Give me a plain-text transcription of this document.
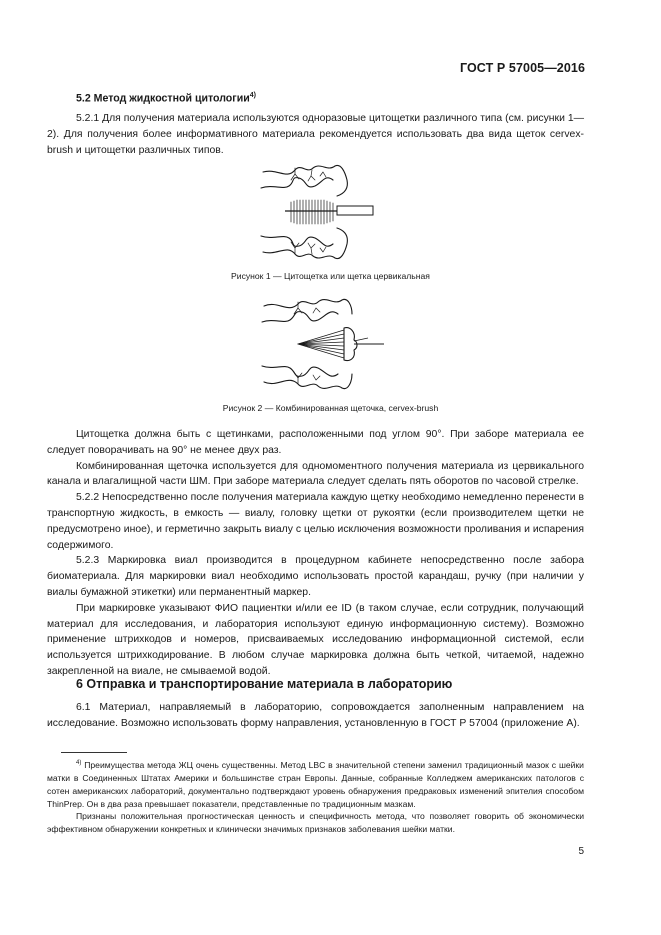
ГОСТ Р 57005—2016
5.2 Метод жидкостной цитологии$^{4)}$

5.2.1 Для получения материала используются одноразовые цитощетки различного типа (см. рисунки 1—2). Для получения более информативного материала рекомендуется использовать два вида щеток cervex-brush и цитощетки различных типов.

Рисунок 1 — Цитощетка или щетка цервикальная
Рисунок 2 — Комбинированная щеточка, cervex-brush

Цитощетка должна быть с щетинками, расположенными под углом 90°. При заборе материала ее следует поворачивать на 90° не менее двух раз.

Комбинированная щеточка используется для одномоментного получения материала из цервикального канала и влагалищной части ШМ. При заборе материала следует сделать пять оборотов по часовой стрелке.

5.2.2 Непосредственно после получения материала каждую щетку необходимо немедленно перенести в транспортную жидкость, в емкость — виалу, головку щетки от рукоятки (если производителем щетки не предусмотрено иное), и герметично закрыть виалу с целью исключения возможности проливания и испарения содержимого.

5.2.3 Маркировка виал производится в процедурном кабинете непосредственно после забора биоматериала. Для маркировки виал необходимо использовать простой карандаш, ручку (при наличии у виалы бумажной этикетки) или перманентный маркер.

При маркировке указывают ФИО пациентки и/или ее ID (в таком случае, если сотрудник, получающий материал для исследования, и лаборатория используют единую информационную систему). Возможно применение штрихкодов и номеров, присваиваемых исследованию информационной системой, если используется штрихкодирование. В любом случае маркировка должна быть четкой, читаемой, надежно закрепленной на виале, не смываемой водой.

6 Отправка и транспортирование материала в лабораторию

6.1 Материал, направляемый в лабораторию, сопровождается заполненным направлением на исследование. Возможно использовать форму направления, установленную в ГОСТ Р 57004 (приложение А).

$^{4)}$ Преимущества метода ЖЦ очень существенны. Метод LBC в значительной степени заменил традиционный мазок с шейки матки в Соединенных Штатах Америки и большинстве стран Европы. Данные, собранные Колледжем американских патологов с сотен американских лабораторий, документально подтверждают уровень обнаружения предраковых изменений эпителия способом ThinPrep. Он в два раза превышает показатели, представленные по традиционным мазкам.

Признаны положительная прогностическая ценность и специфичность метода, что позволяет говорить об экономически эффективном обнаружении конкретных и клинически значимых признаков заболевания шейки матки.

5
